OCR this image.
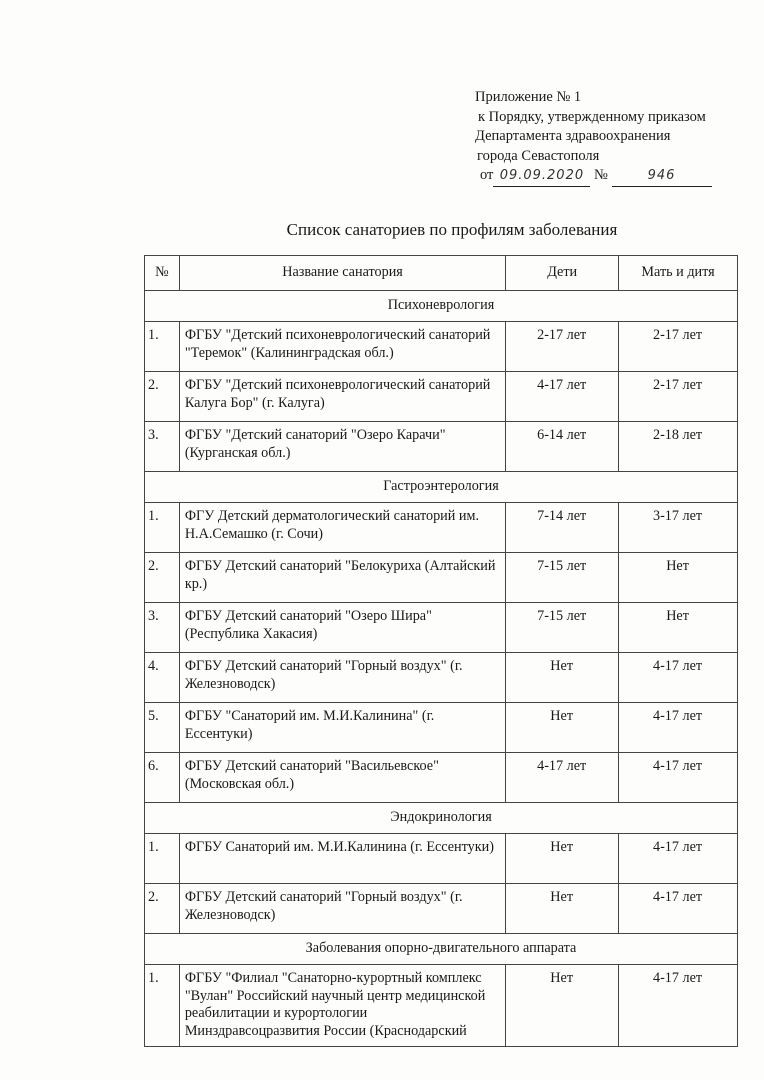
Приложение № 1
к Порядку, утвержденному приказом
Департамента здравоохранения
города Севастополя
от 09.09.2020 №	946
Список санаториев по профилям заболевания
№	Название санатория	Дети	Мать и дитя
Психоневрология			
1.	ФГБУ "Детский психоневрологический санаторий "Теремок" (Калининградская обл.)	2-17 лет	2-17 лет
2.	ФГБУ "Детский психоневрологический санаторий Калуга Бор" (г. Калуга)	4-17 лет	2-17 лет
3.	ФГБУ "Детский санаторий "Озеро Карачи" (Курганская обл.)	6-14 лет	2-18 лет
Гастроэнтерология			
1.	ФГУ Детский дерматологический санаторий им. Н.А.Семашко (г. Сочи)	7-14 лет	3-17 лет
2.	ФГБУ Детский санаторий "Белокуриха (Алтайский кр.)	7-15 лет	Нет
3.	ФГБУ Детский санаторий "Озеро Шира" (Республика Хакасия)	7-15 лет	Нет
4.	ФГБУ Детский санаторий "Горный воздух" (г. Железноводск)	Нет	4-17 лет
5.	ФГБУ "Санаторий им. М.И.Калинина" (г. Ессентуки)	Нет	4-17 лет
6.	ФГБУ Детский санаторий "Васильевское" (Московская обл.)	4-17 лет	4-17 лет
Эндокринология			
1.	ФГБУ Санаторий им. М.И.Калинина (г. Ессентуки)	Нет	4-17 лет
2.	ФГБУ Детский санаторий "Горный воздух" (г. Железноводск)	Нет	4-17 лет
Заболевания опорно-двигательного аппарата			
1.	ФГБУ "Филиал "Санаторно-курортный комплекс "Вулан" Российский научный центр медицинской реабилитации и курортологии Минздравсоцразвития России (Краснодарский	Нет	4-17 лет
